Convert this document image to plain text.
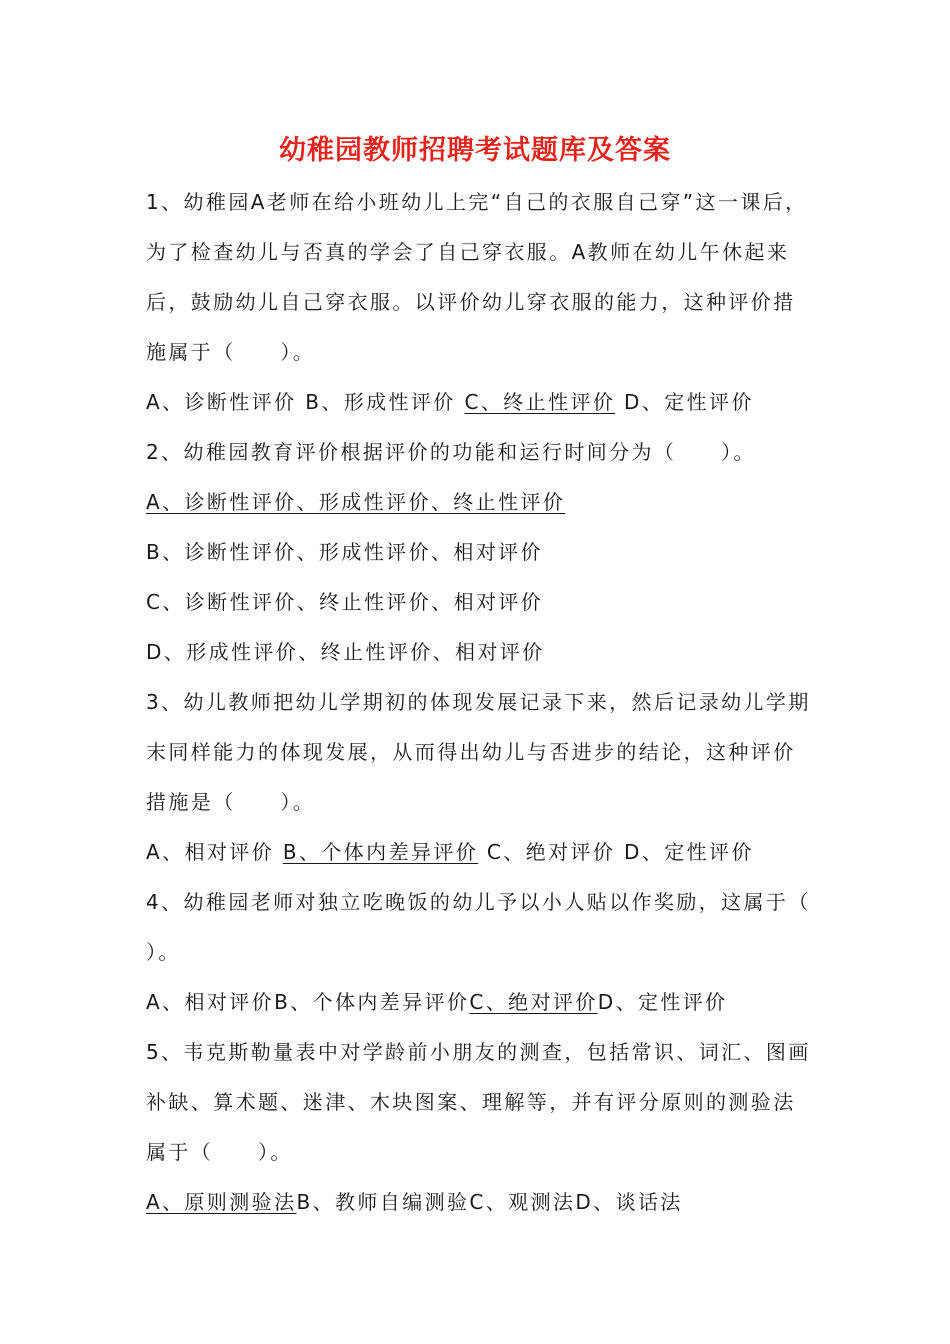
幼稚园教师招聘考试题库及答案
1、幼稚园A老师在给小班幼儿上完“自己的衣服自己穿”这一课后，
为了检查幼儿与否真的学会了自己穿衣服。A教师在幼儿午休起来
后，鼓励幼儿自己穿衣服。以评价幼儿穿衣服的能力，这种评价措
施属于（　　）。
A、诊断性评价 B、形成性评价 C、终止性评价 D、定性评价
2、幼稚园教育评价根据评价的功能和运行时间分为（　　）。
A、诊断性评价、形成性评价、终止性评价
B、诊断性评价、形成性评价、相对评价
C、诊断性评价、终止性评价、相对评价
D、形成性评价、终止性评价、相对评价
3、幼儿教师把幼儿学期初的体现发展记录下来，然后记录幼儿学期
末同样能力的体现发展，从而得出幼儿与否进步的结论，这种评价
措施是（　　）。
A、相对评价 B、个体内差异评价 C、绝对评价 D、定性评价
4、幼稚园老师对独立吃晚饭的幼儿予以小人贴以作奖励，这属于（
）。
A、相对评价B、个体内差异评价C、绝对评价D、定性评价
5、韦克斯勒量表中对学龄前小朋友的测查，包括常识、词汇、图画
补缺、算术题、迷津、木块图案、理解等，并有评分原则的测验法
属于（　　）。
A、原则测验法B、教师自编测验C、观测法D、谈话法
